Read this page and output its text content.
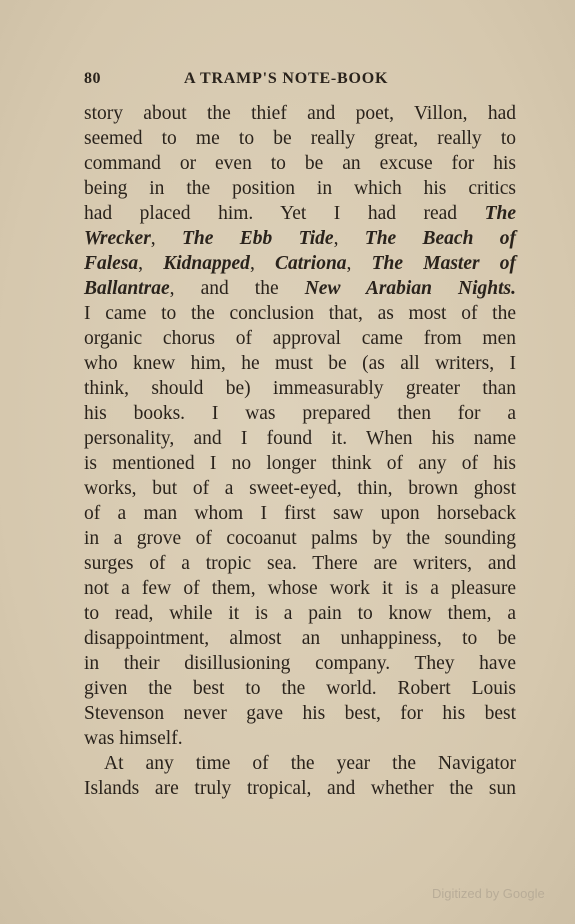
80	A TRAMP'S NOTE-BOOK
story about the thief and poet, Villon, had
seemed to me to be really great, really to
command or even to be an excuse for his
being in the position in which his critics
had placed him. Yet I had read The
Wrecker, The Ebb Tide, The Beach of
Falesa, Kidnapped, Catriona, The Master of
Ballantrae, and the New Arabian Nights.
I came to the conclusion that, as most of the
organic chorus of approval came from men
who knew him, he must be (as all writers, I
think, should be) immeasurably greater than
his books. I was prepared then for a
personality, and I found it. When his name
is mentioned I no longer think of any of his
works, but of a sweet-eyed, thin, brown ghost
of a man whom I first saw upon horseback
in a grove of cocoanut palms by the sounding
surges of a tropic sea. There are writers, and
not a few of them, whose work it is a pleasure
to read, while it is a pain to know them, a
disappointment, almost an unhappiness, to be
in their disillusioning company. They have
given the best to the world. Robert Louis
Stevenson never gave his best, for his best
was himself.
At any time of the year the Navigator
Islands are truly tropical, and whether the sun
Digitized by Google
